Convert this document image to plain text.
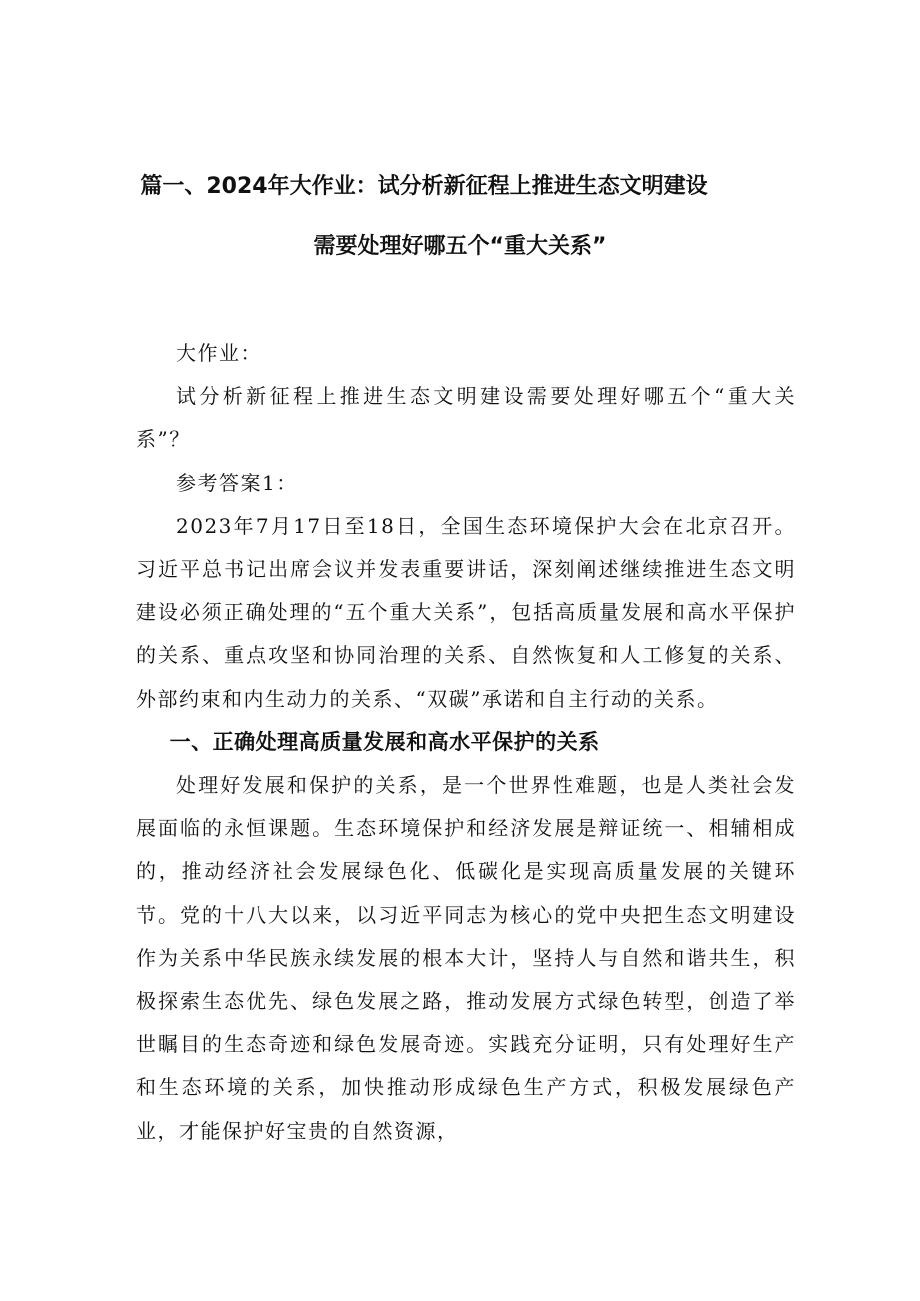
篇一、2024年大作业：试分析新征程上推进生态文明建设
需要处理好哪五个“重大关系”

大作业：

试分析新征程上推进生态文明建设需要处理好哪五个“重大关系”？

参考答案1：

2023年7月17日至18日，全国生态环境保护大会在北京召开。习近平总书记出席会议并发表重要讲话，深刻阐述继续推进生态文明建设必须正确处理的“五个重大关系”，包括高质量发展和高水平保护的关系、重点攻坚和协同治理的关系、自然恢复和人工修复的关系、外部约束和内生动力的关系、“双碳”承诺和自主行动的关系。

一、正确处理高质量发展和高水平保护的关系

处理好发展和保护的关系，是一个世界性难题，也是人类社会发展面临的永恒课题。生态环境保护和经济发展是辩证统一、相辅相成的，推动经济社会发展绿色化、低碳化是实现高质量发展的关键环节。党的十八大以来，以习近平同志为核心的党中央把生态文明建设作为关系中华民族永续发展的根本大计，坚持人与自然和谐共生，积极探索生态优先、绿色发展之路，推动发展方式绿色转型，创造了举世瞩目的生态奇迹和绿色发展奇迹。实践充分证明，只有处理好生产和生态环境的关系，加快推动形成绿色生产方式，积极发展绿色产业，才能保护好宝贵的自然资源，
